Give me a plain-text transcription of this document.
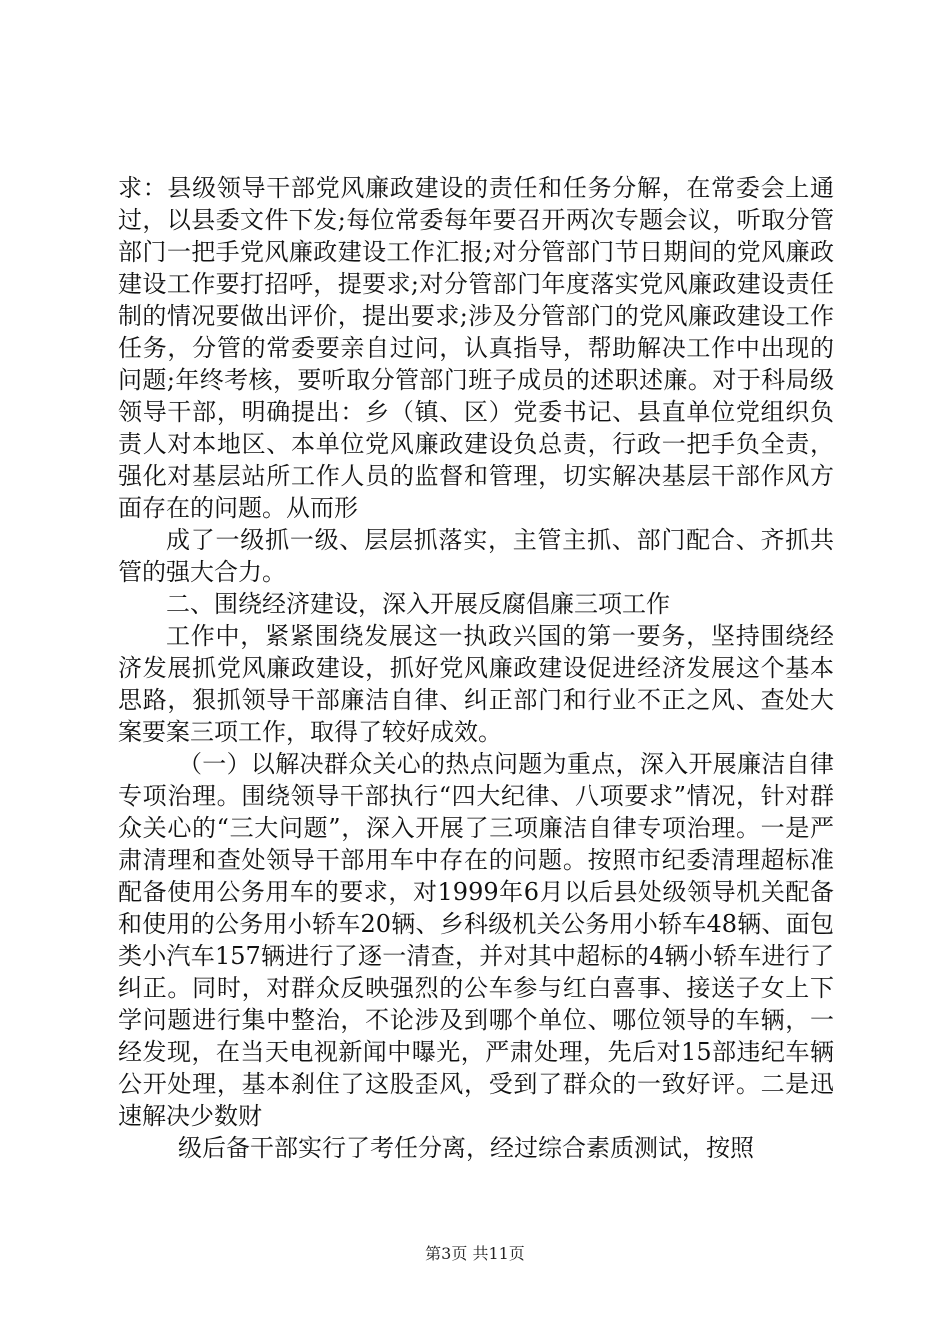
求：县级领导干部党风廉政建设的责任和任务分解，在常委会上通过，以县委文件下发;每位常委每年要召开两次专题会议，听取分管部门一把手党风廉政建设工作汇报;对分管部门节日期间的党风廉政建设工作要打招呼，提要求;对分管部门年度落实党风廉政建设责任制的情况要做出评价，提出要求;涉及分管部门的党风廉政建设工作任务，分管的常委要亲自过问，认真指导，帮助解决工作中出现的问题;年终考核，要听取分管部门班子成员的述职述廉。对于科局级领导干部，明确提出：乡（镇、区）党委书记、县直单位党组织负责人对本地区、本单位党风廉政建设负总责，行政一把手负全责，强化对基层站所工作人员的监督和管理，切实解决基层干部作风方面存在的问题。从而形

成了一级抓一级、层层抓落实，主管主抓、部门配合、齐抓共管的强大合力。

二、围绕经济建设，深入开展反腐倡廉三项工作

工作中，紧紧围绕发展这一执政兴国的第一要务，坚持围绕经济发展抓党风廉政建设，抓好党风廉政建设促进经济发展这个基本思路，狠抓领导干部廉洁自律、纠正部门和行业不正之风、查处大案要案三项工作，取得了较好成效。

（一）以解决群众关心的热点问题为重点，深入开展廉洁自律专项治理。围绕领导干部执行“四大纪律、八项要求”情况，针对群众关心的“三大问题”，深入开展了三项廉洁自律专项治理。一是严肃清理和查处领导干部用车中存在的问题。按照市纪委清理超标准配备使用公务用车的要求，对1999年6月以后县处级领导机关配备和使用的公务用小轿车20辆、乡科级机关公务用小轿车48辆、面包类小汽车157辆进行了逐一清查，并对其中超标的4辆小轿车进行了纠正。同时，对群众反映强烈的公车参与红白喜事、接送子女上下学问题进行集中整治，不论涉及到哪个单位、哪位领导的车辆，一经发现，在当天电视新闻中曝光，严肃处理，先后对15部违纪车辆公开处理，基本刹住了这股歪风，受到了群众的一致好评。二是迅速解决少数财

级后备干部实行了考任分离，经过综合素质测试，按照

第3页 共11页
